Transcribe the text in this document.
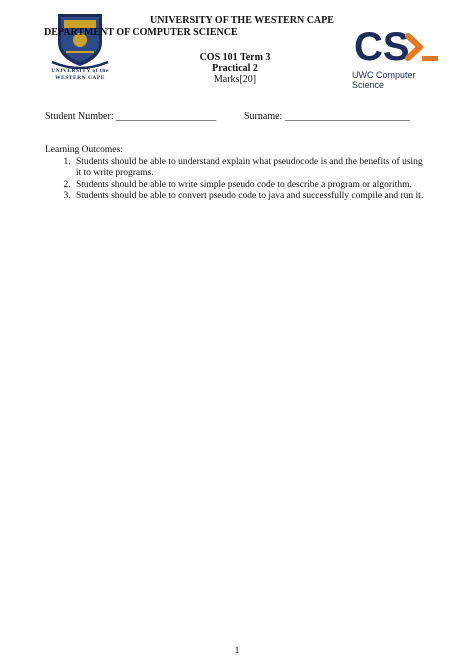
UNIVERSITY of the
WESTERN CAPE
UNIVERSITY OF THE WESTERN CAPE
DEPARTMENT OF COMPUTER SCIENCE	CS
UWC Computer Science
COS 101 Term 3
Practical 2
Marks[20]
Student Number: ____________________	Surname: _________________________
Learning Outcomes:
1. Students should be able to understand explain what pseudocode is and the benefits of using it to write programs.
2. Students should be able to write simple pseudo code to describe a program or algorithm.
3. Students should be able to convert pseudo code to java and successfully compile and run it.
1
